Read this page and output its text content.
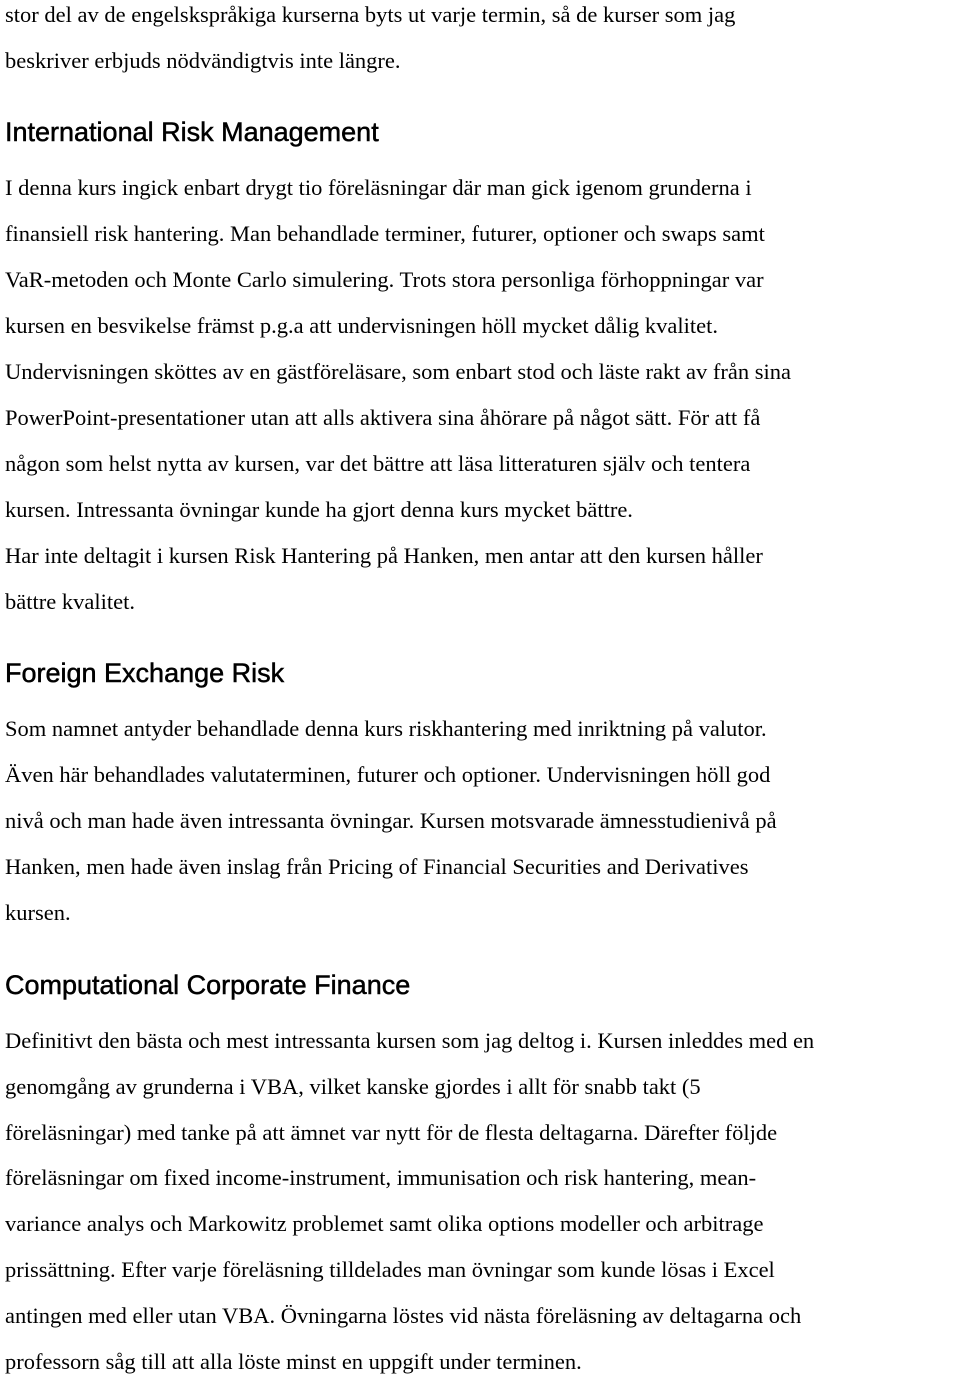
stor del av de engelskspråkiga kurserna byts ut varje termin, så de kurser som jag
beskriver erbjuds nödvändigtvis inte längre.
International Risk Management
I denna kurs ingick enbart drygt tio föreläsningar där man gick igenom grunderna i
finansiell risk hantering. Man behandlade terminer, futurer, optioner och swaps samt
VaR-metoden och Monte Carlo simulering. Trots stora personliga förhoppningar var
kursen en besvikelse främst p.g.a att undervisningen höll mycket dålig kvalitet.
Undervisningen sköttes av en gästföreläsare, som enbart stod och läste rakt av från sina
PowerPoint-presentationer utan att alls aktivera sina åhörare på något sätt. För att få
någon som helst nytta av kursen, var det bättre att läsa litteraturen själv och tentera
kursen. Intressanta övningar kunde ha gjort denna kurs mycket bättre.
Har inte deltagit i kursen Risk Hantering på Hanken, men antar att den kursen håller
bättre kvalitet.
Foreign Exchange Risk
Som namnet antyder behandlade denna kurs riskhantering med inriktning på valutor.
Även här behandlades valutaterminen, futurer och optioner. Undervisningen höll god
nivå och man hade även intressanta övningar. Kursen motsvarade ämnesstudienivå på
Hanken, men hade även inslag från Pricing of Financial Securities and Derivatives
kursen.
Computational Corporate Finance
Definitivt den bästa och mest intressanta kursen som jag deltog i. Kursen inleddes med en
genomgång av grunderna i VBA, vilket kanske gjordes i allt för snabb takt (5
föreläsningar) med tanke på att ämnet var nytt för de flesta deltagarna. Därefter följde
föreläsningar om fixed income-instrument, immunisation och risk hantering, mean-
variance analys och Markowitz problemet samt olika options modeller och arbitrage
prissättning. Efter varje föreläsning tilldelades man övningar som kunde lösas i Excel
antingen med eller utan VBA. Övningarna löstes vid nästa föreläsning av deltagarna och
professorn såg till att alla löste minst en uppgift under terminen.
